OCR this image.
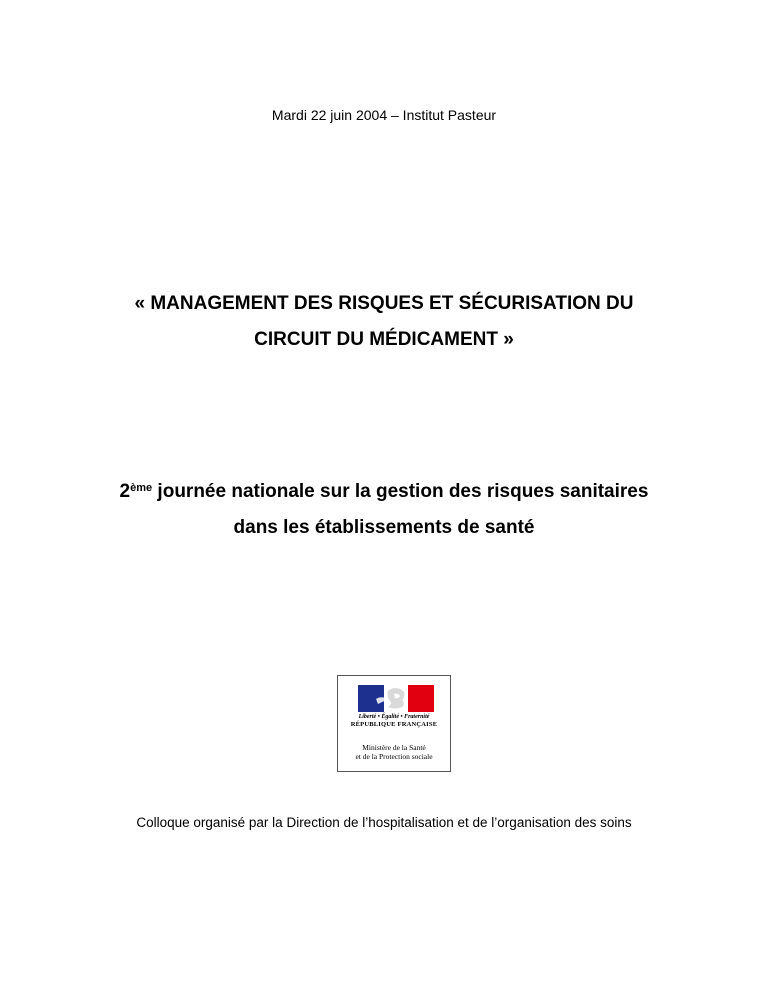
Mardi 22 juin 2004 – Institut Pasteur
« MANAGEMENT DES RISQUES ET SÉCURISATION DU
CIRCUIT DU MÉDICAMENT »
2ème journée nationale sur la gestion des risques sanitaires
dans les établissements de santé
Liberté • Égalité • Fraternité
RÉPUBLIQUE FRANÇAISE
Ministère de la Santé
et de la Protection sociale
Colloque organisé par la Direction de l’hospitalisation et de l’organisation des soins
